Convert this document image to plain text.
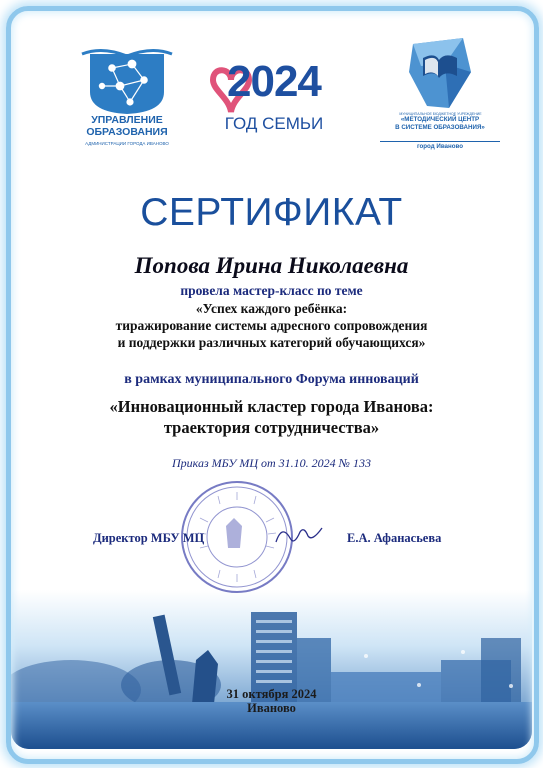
УПРАВЛЕНИЕ
ОБРАЗОВАНИЯ
АДМИНИСТРАЦИИ ГОРОДА ИВАНОВО
2024
ГОД СЕМЬИ	МУНИЦИПАЛЬНОЕ БЮДЖЕТНОЕ УЧРЕЖДЕНИЕ
«МЕТОДИЧЕСКИЙ ЦЕНТР
В СИСТЕМЕ ОБРАЗОВАНИЯ»
город Иваново
СЕРТИФИКАТ
Попова Ирина Николаевна
провела мастер-класс по теме
«Успех каждого ребёнка:
тиражирование системы адресного сопровождения
и поддержки различных категорий обучающихся»
в рамках муниципального Форума инноваций
«Инновационный кластер города Иванова:
траектория сотрудничества»
Приказ МБУ МЦ от 31.10. 2024 № 133
Директор МБУ МЦ	Е.А. Афанасьева
31 октября 2024
Иваново
